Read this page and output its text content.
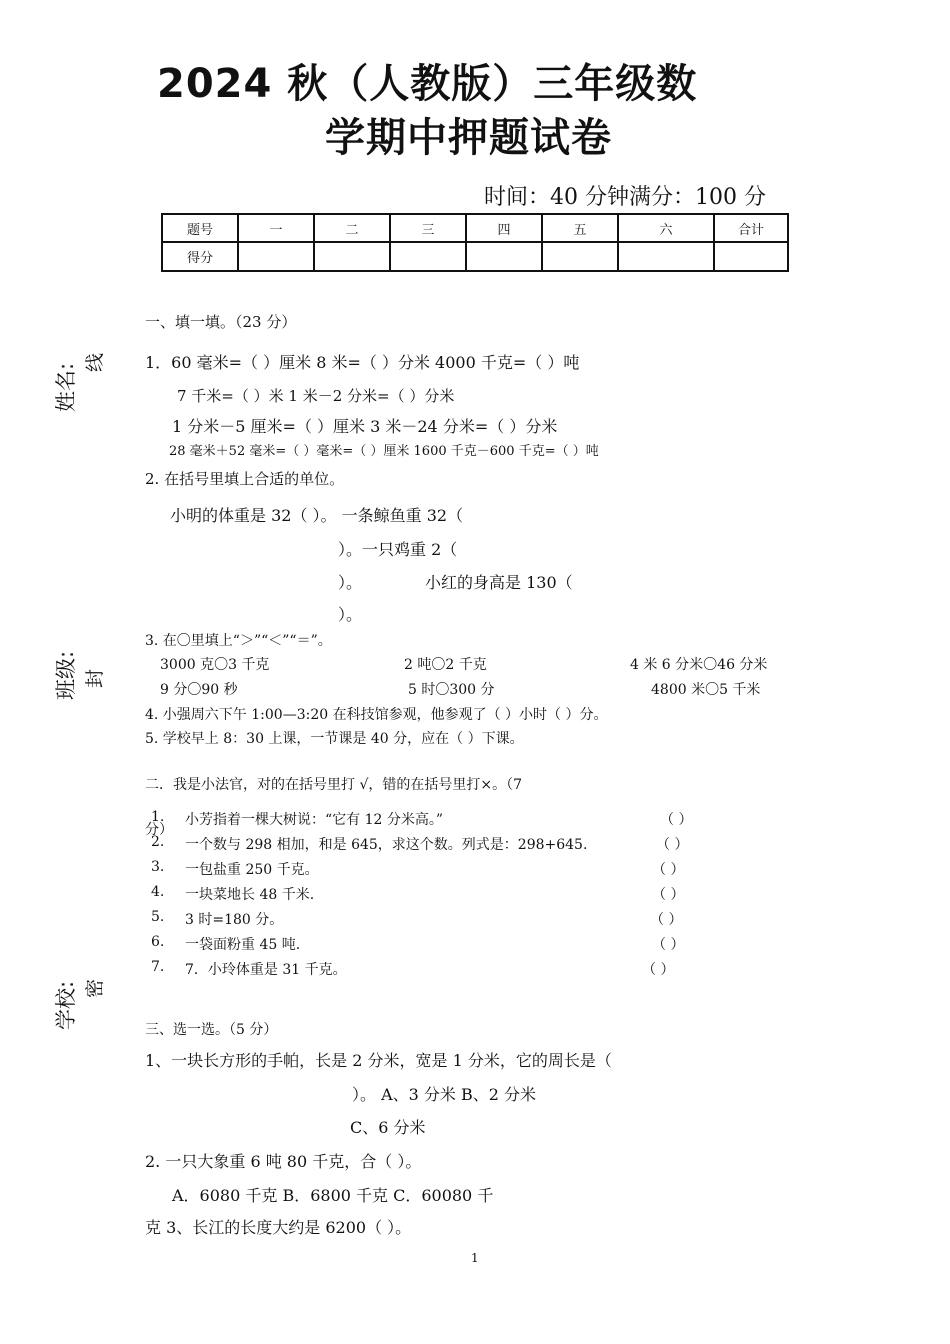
2024 秋（人教版）三年级数
学期中押题试卷
时间：40 分钟满分：100 分
题号	一	二	三	四	五	六	合计
得分							
姓名:
线
班级: 封
学校: 密
一、填一填。（23 分）
1．60 毫米=（ ）厘米 8 米=（ ）分米 4000 千克=（ ）吨
7 千米=（ ）米 1 米－2 分米=（ ）分米
1 分米－5 厘米=（ ）厘米 3 米－24 分米=（ ）分米
28 毫米＋52 毫米=（ ）毫米=（ ）厘米 1600 千克－600 千克=（ ）吨
2. 在括号里填上合适的单位。
小明的体重是 32（ ）。 一条鲸鱼重 32（
）。一只鸡重 2（
）。	小红的身高是 130（
）。
3. 在〇里填上“＞”“＜”“＝”。
3000 克〇3 千克	2 吨〇2 千克	4 米 6 分米〇46 分米
9 分〇90 秒	5 时〇300 分	4800 米〇5 千米
4. 小强周六下午 1:00—3:20 在科技馆参观，他参观了（ ）小时（ ）分。
5. 学校早上 8：30 上课，一节课是 40 分，应在（ ）下课。
二．我是小法官，对的在括号里打 √，错的在括号里打×。（7
分）
1. 小芳指着一棵大树说：“它有 12 分米高。”	（ ）
2. 一个数与 298 相加，和是 645，求这个数。列式是：298+645.	（ ）
3. 一包盐重 250 千克。	（ ）
4. 一块菜地长 48 千米.	（ ）
5. 3 时=180 分。	（ ）
6. 一袋面粉重 45 吨.	（ ）
7. 7．小玲体重是 31 千克。	（ ）
三、选一选。（5 分）
1、一块长方形的手帕，长是 2 分米，宽是 1 分米，它的周长是（
）。 A、3 分米 B、2 分米
C、6 分米
2. 一只大象重 6 吨 80 千克，合（ ）。
A．6080 千克 B．6800 千克 C．60080 千
克 3、长江的长度大约是 6200（ ）。
1
